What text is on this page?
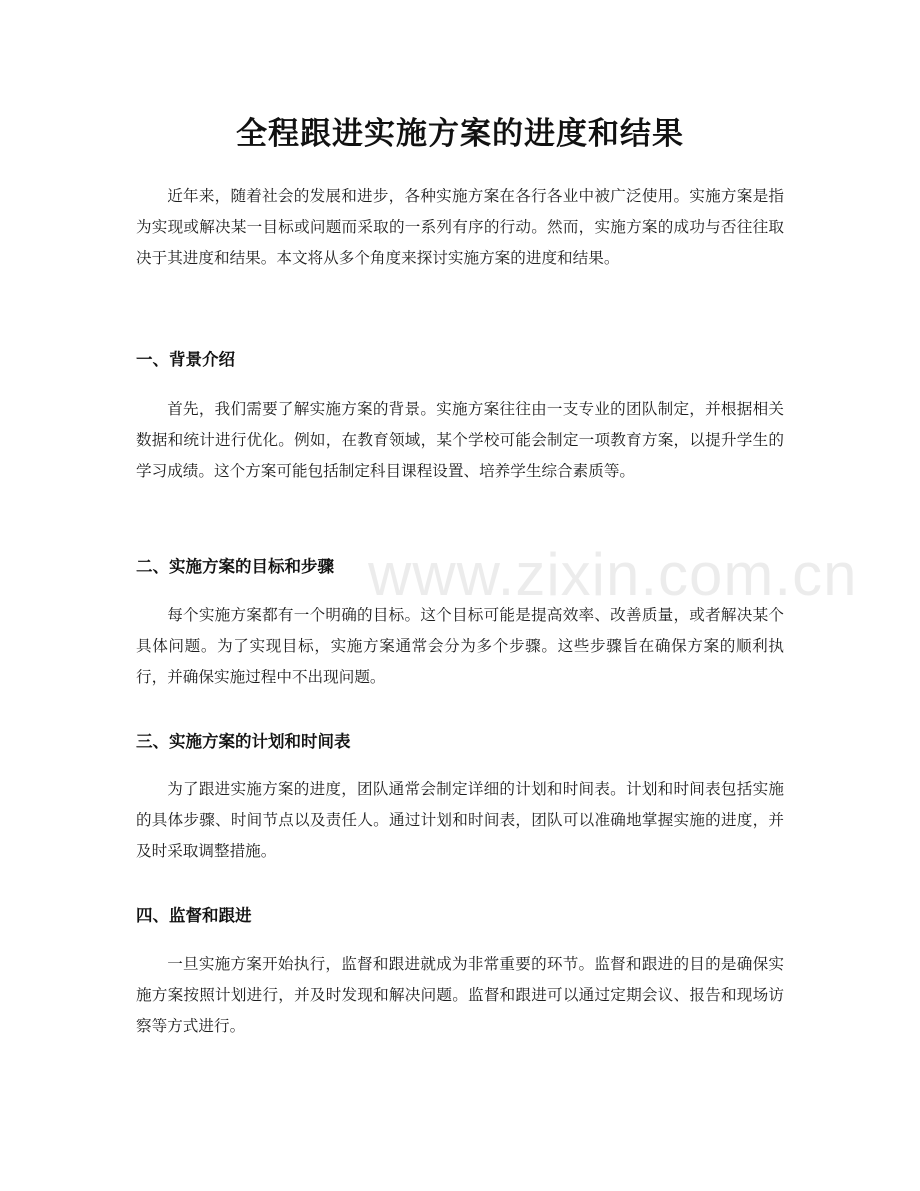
全程跟进实施方案的进度和结果

近年来，随着社会的发展和进步，各种实施方案在各行各业中被广泛使用。实施方案是指为实现或解决某一目标或问题而采取的一系列有序的行动。然而，实施方案的成功与否往往取决于其进度和结果。本文将从多个角度来探讨实施方案的进度和结果。

一、背景介绍

首先，我们需要了解实施方案的背景。实施方案往往由一支专业的团队制定，并根据相关数据和统计进行优化。例如，在教育领域，某个学校可能会制定一项教育方案，以提升学生的学习成绩。这个方案可能包括制定科目课程设置、培养学生综合素质等。

二、实施方案的目标和步骤

每个实施方案都有一个明确的目标。这个目标可能是提高效率、改善质量，或者解决某个具体问题。为了实现目标，实施方案通常会分为多个步骤。这些步骤旨在确保方案的顺利执行，并确保实施过程中不出现问题。

三、实施方案的计划和时间表

为了跟进实施方案的进度，团队通常会制定详细的计划和时间表。计划和时间表包括实施的具体步骤、时间节点以及责任人。通过计划和时间表，团队可以准确地掌握实施的进度，并及时采取调整措施。

四、监督和跟进

一旦实施方案开始执行，监督和跟进就成为非常重要的环节。监督和跟进的目的是确保实施方案按照计划进行，并及时发现和解决问题。监督和跟进可以通过定期会议、报告和现场访察等方式进行。

www.zixin.com.cn
